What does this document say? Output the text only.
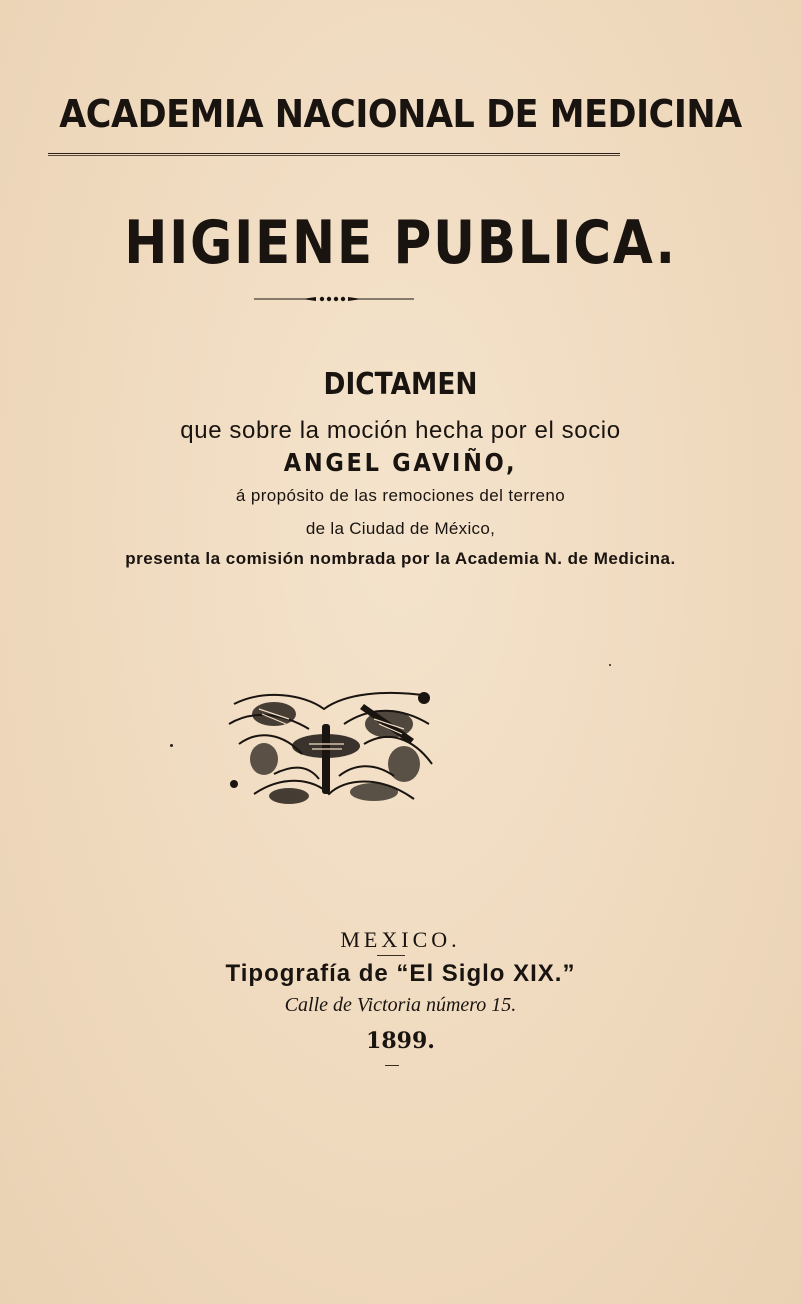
ACADEMIA NACIONAL DE MEDICINA
HIGIENE PUBLICA.
DICTAMEN
que sobre la moción hecha por el socio
ANGEL GAVIÑO,
á propósito de las remociones del terreno
de la Ciudad de México,
presenta la comisión nombrada por la Academia N. de Medicina.
MEXICO.
Tipografía de “El Siglo XIX.”
Calle de Victoria número 15.
1899.
